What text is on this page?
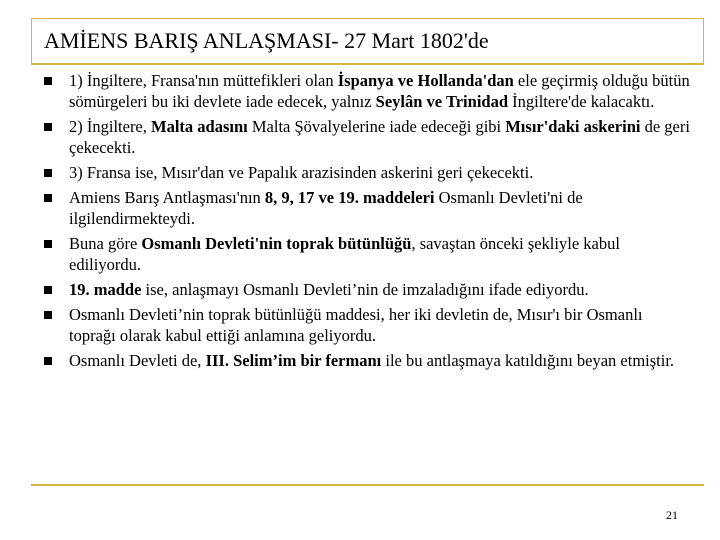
AMİENS BARIŞ ANLAŞMASI- 27 Mart 1802'de
1) İngiltere, Fransa'nın müttefikleri olan İspanya ve Hollanda'dan ele geçirmiş olduğu bütün sömürgeleri bu iki devlete iade edecek, yalnız Seylân ve Trinidad İngiltere'de kalacaktı.
2) İngiltere, Malta adasını Malta Şövalyelerine iade edeceği gibi Mısır'daki askerini de geri çekecekti.
3) Fransa ise, Mısır'dan ve Papalık arazisinden askerini geri çekecekti.
Amiens Barış Antlaşması'nın 8, 9, 17 ve 19. maddeleri Osmanlı Devleti'ni de ilgilendirmekteydi.
Buna göre Osmanlı Devleti'nin toprak bütünlüğü, savaştan önceki şekliyle kabul ediliyordu.
19. madde ise, anlaşmayı Osmanlı Devleti’nin de imzaladığını ifade ediyordu.
Osmanlı Devleti’nin toprak bütünlüğü maddesi, her iki devletin de, Mısır'ı bir Osmanlı toprağı olarak kabul ettiği anlamına geliyordu.
Osmanlı Devleti de, III. Selim’im bir fermanı ile bu antlaşmaya katıldığını beyan etmiştir.
21
